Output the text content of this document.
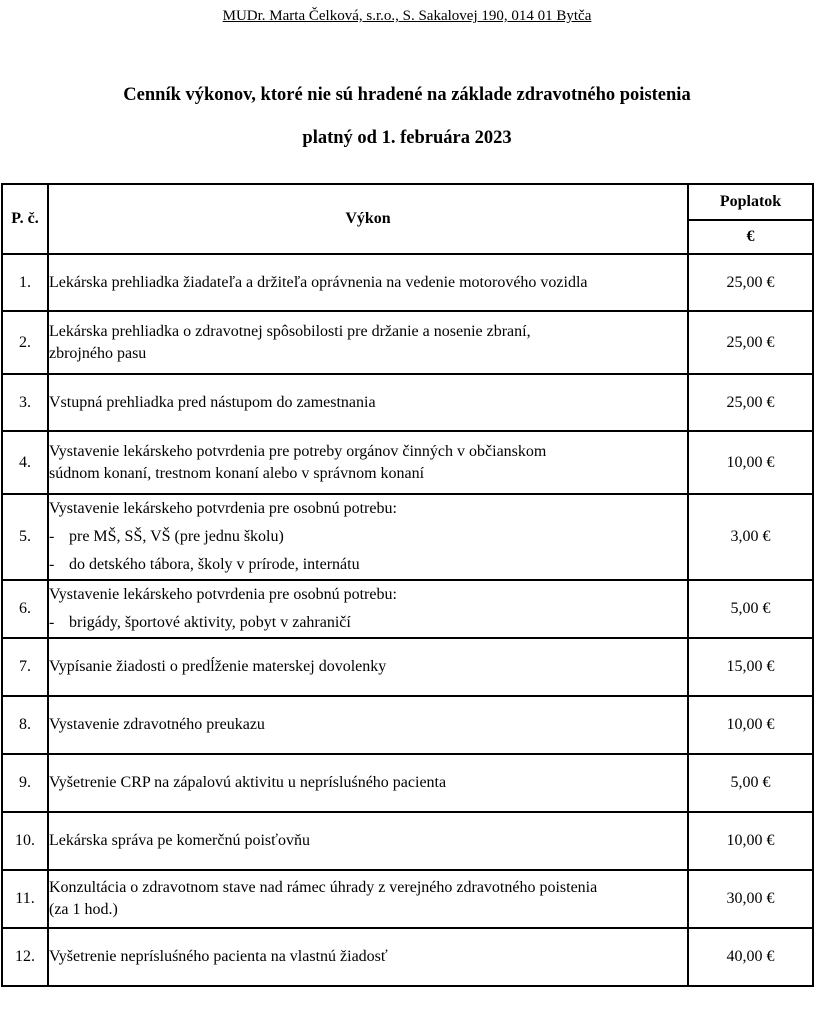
MUDr. Marta Čelková, s.r.o., S. Sakalovej 190, 014 01 Bytča
Cenník výkonov, ktoré nie sú hradené na základe zdravotného poistenia
platný od 1. februára 2023
P. č.	Výkon	Poplatok
		€
1.	Lekárska prehliadka žiadateľa a držiteľa oprávnenia na vedenie motorového vozidla	25,00 €
2.	Lekárska prehliadka o zdravotnej spôsobilosti pre držanie a nosenie zbraní,
zbrojného pasu	25,00 €
3.	Vstupná prehliadka pred nástupom do zamestnania	25,00 €
4.	Vystavenie lekárskeho potvrdenia pre potreby orgánov činných v občianskom
súdnom konaní, trestnom konaní alebo v správnom konaní	10,00 €
5.	Vystavenie lekárskeho potvrdenia pre osobnú potrebu:
- pre MŠ, SŠ, VŠ (pre jednu školu)
- do detského tábora, školy v prírode, internátu	3,00 €
6.	Vystavenie lekárskeho potvrdenia pre osobnú potrebu:
- brigády, športové aktivity, pobyt v zahraničí	5,00 €
7.	Vypísanie žiadosti o predĺženie materskej dovolenky	15,00 €
8.	Vystavenie zdravotného preukazu	10,00 €
9.	Vyšetrenie CRP na zápalovú aktivitu u neprísluśného pacienta	5,00 €
10.	Lekárska správa pe komerčnú poisťovňu	10,00 €
11.	Konzultácia o zdravotnom stave nad rámec úhrady z verejného zdravotného poistenia
(za 1 hod.)	30,00 €
12.	Vyšetrenie neprísluśného pacienta na vlastnú žiadosť	40,00 €
